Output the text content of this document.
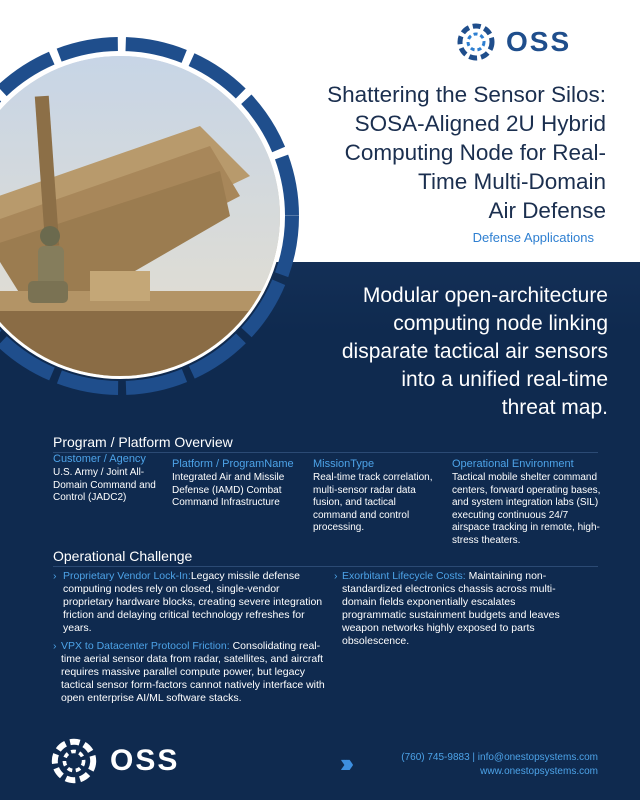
OSS
Shattering the Sensor Silos:
SOSA-Aligned 2U Hybrid
Computing Node for Real-
Time Multi-Domain
Air Defense
Defense Applications
Modular open-architecture
computing node linking
disparate tactical air sensors
into a unified real-time
threat map.
Program / Platform Overview
Customer / Agency
U.S. Army / Joint All-Domain Command and Control (JADC2)
Platform / ProgramName
Integrated Air and Missile Defense (IAMD) Combat Command Infrastructure
MissionType
Real-time track correlation, multi-sensor radar data fusion, and tactical command and control processing.
Operational Environment
Tactical mobile shelter command centers, forward operating bases, and system integration labs (SIL) executing continuous 24/7 airspace tracking in remote, high-stress theaters.
Operational Challenge
› Proprietary Vendor Lock-In:Legacy missile defense computing nodes rely on closed, single-vendor proprietary hardware blocks, creating severe integration friction and delaying critical technology refreshes for years.
› VPX to Datacenter Protocol Friction: Consolidating real-time aerial sensor data from radar, satellites, and aircraft requires massive parallel compute power, but legacy tactical sensor form-factors cannot natively interface with open enterprise AI/ML software stacks.
› Exorbitant Lifecycle Costs: Maintaining non-standardized electronics chassis across multi-domain fields exponentially escalates programmatic sustainment budgets and leaves weapon networks highly exposed to parts obsolescence.
OSS	›››	(760) 745-9883 | info@onestopsystems.com
www.onestopsystems.com
